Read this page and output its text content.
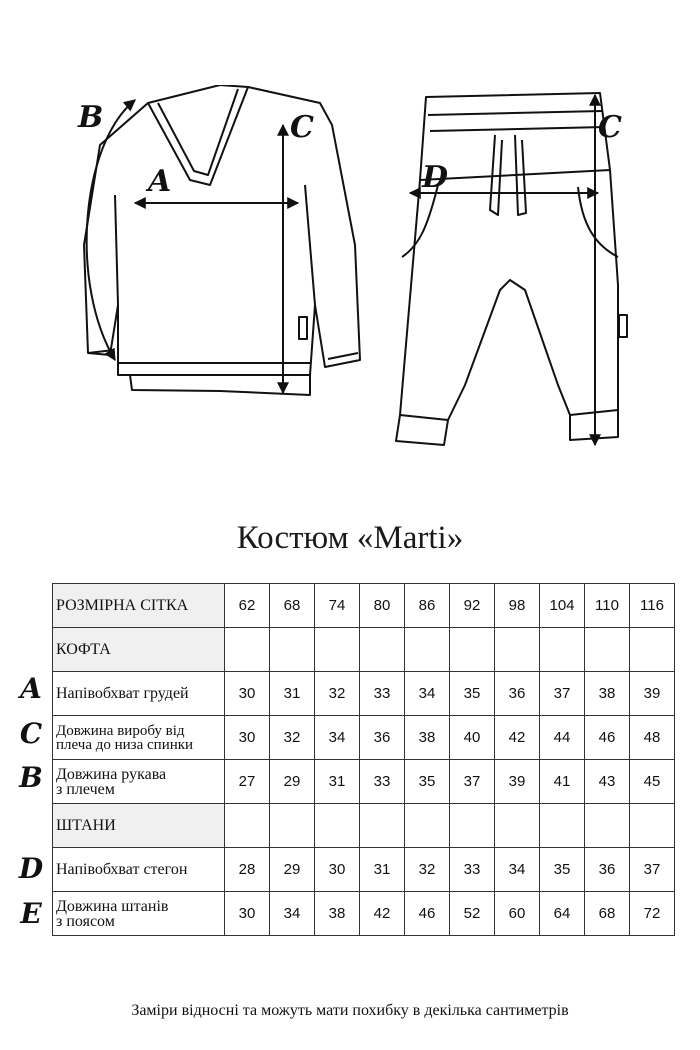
B
A
C
D
C
Костюм «Marti»
РОЗМІРНА СІТКА	62	68	74	80	86	92	98	104	110	116
КОФТА										
Напівобхват грудей	30	31	32	33	34	35	36	37	38	39
Довжина виробу від
плеча до низа спинки	30	32	34	36	38	40	42	44	46	48
Довжина рукава
з плечем	27	29	31	33	35	37	39	41	43	45
ШТАНИ										
Напівобхват стегон	28	29	30	31	32	33	34	35	36	37
Довжина штанів
з поясом	30	34	38	42	46	52	60	64	68	72
A
C
B
D
E
Заміри відносні та можуть мати похибку в декілька сантиметрів
